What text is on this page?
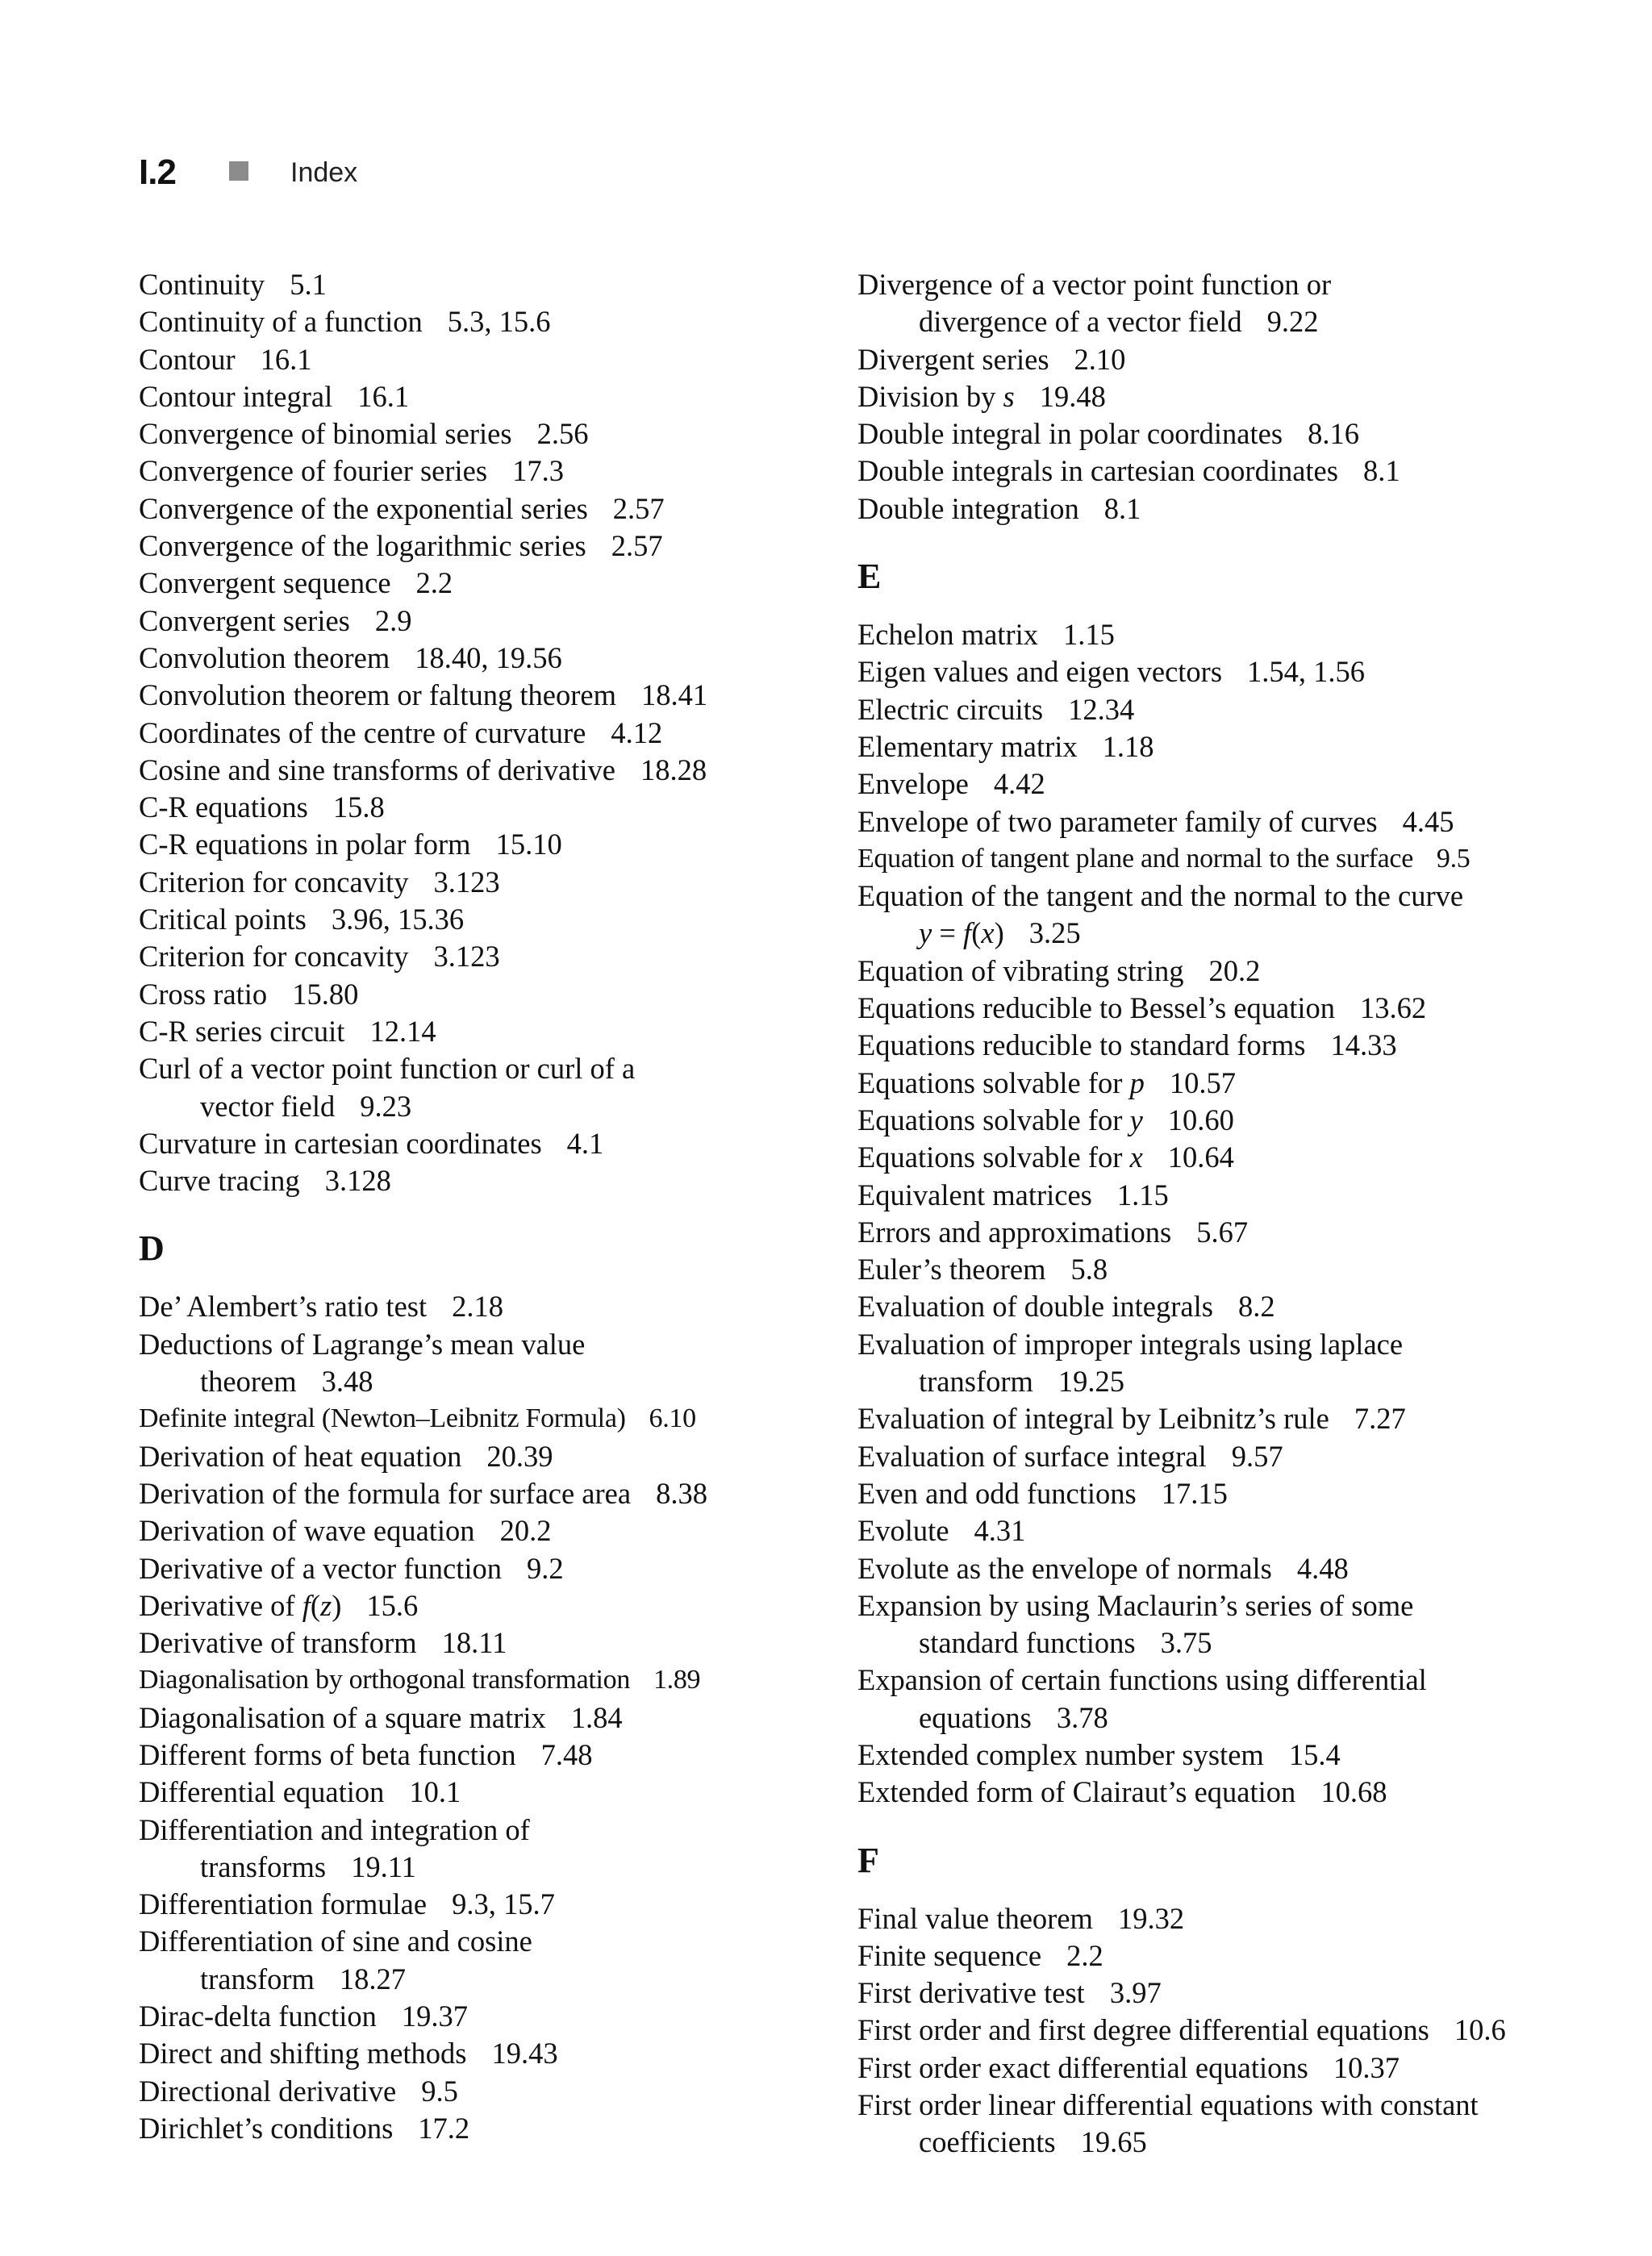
I.2	Index
Continuity 5.1
Continuity of a function 5.3, 15.6
Contour 16.1
Contour integral 16.1
Convergence of binomial series 2.56
Convergence of fourier series 17.3
Convergence of the exponential series 2.57
Convergence of the logarithmic series 2.57
Convergent sequence 2.2
Convergent series 2.9
Convolution theorem 18.40, 19.56
Convolution theorem or faltung theorem 18.41
Coordinates of the centre of curvature 4.12
Cosine and sine transforms of derivative 18.28
C-R equations 15.8
C-R equations in polar form 15.10
Criterion for concavity 3.123
Critical points 3.96, 15.36
Criterion for concavity 3.123
Cross ratio 15.80
C-R series circuit 12.14
Curl of a vector point function or curl of a
vector field 9.23
Curvature in cartesian coordinates 4.1
Curve tracing 3.128
D
De’ Alembert’s ratio test 2.18
Deductions of Lagrange’s mean value
theorem 3.48
Definite integral (Newton–Leibnitz Formula) 6.10
Derivation of heat equation 20.39
Derivation of the formula for surface area 8.38
Derivation of wave equation 20.2
Derivative of a vector function 9.2
Derivative of f(z) 15.6
Derivative of transform 18.11
Diagonalisation by orthogonal transformation 1.89
Diagonalisation of a square matrix 1.84
Different forms of beta function 7.48
Differential equation 10.1
Differentiation and integration of
transforms 19.11
Differentiation formulae 9.3, 15.7
Differentiation of sine and cosine
transform 18.27
Dirac-delta function 19.37
Direct and shifting methods 19.43
Directional derivative 9.5
Dirichlet’s conditions 17.2
Divergence of a vector point function or
divergence of a vector field 9.22
Divergent series 2.10
Division by s 19.48
Double integral in polar coordinates 8.16
Double integrals in cartesian coordinates 8.1
Double integration 8.1
E
Echelon matrix 1.15
Eigen values and eigen vectors 1.54, 1.56
Electric circuits 12.34
Elementary matrix 1.18
Envelope 4.42
Envelope of two parameter family of curves 4.45
Equation of tangent plane and normal to the surface 9.5
Equation of the tangent and the normal to the curve
y = f(x) 3.25
Equation of vibrating string 20.2
Equations reducible to Bessel’s equation 13.62
Equations reducible to standard forms 14.33
Equations solvable for p 10.57
Equations solvable for y 10.60
Equations solvable for x 10.64
Equivalent matrices 1.15
Errors and approximations 5.67
Euler’s theorem 5.8
Evaluation of double integrals 8.2
Evaluation of improper integrals using laplace
transform 19.25
Evaluation of integral by Leibnitz’s rule 7.27
Evaluation of surface integral 9.57
Even and odd functions 17.15
Evolute 4.31
Evolute as the envelope of normals 4.48
Expansion by using Maclaurin’s series of some
standard functions 3.75
Expansion of certain functions using differential
equations 3.78
Extended complex number system 15.4
Extended form of Clairaut’s equation 10.68
F
Final value theorem 19.32
Finite sequence 2.2
First derivative test 3.97
First order and first degree differential equations 10.6
First order exact differential equations 10.37
First order linear differential equations with constant
coefficients 19.65
